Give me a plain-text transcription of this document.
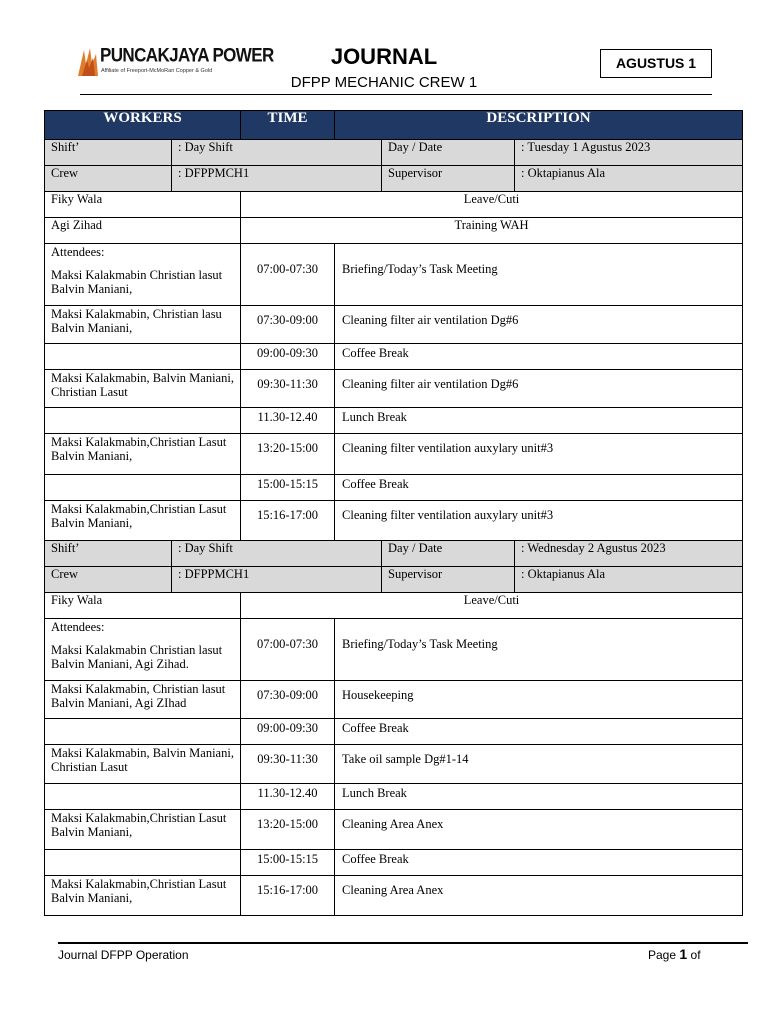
PUNCAKJAYA POWER
Affiliate of Freeport-McMoRan Copper & Gold
JOURNAL
DFPP MECHANIC CREW 1
AGUSTUS 1
WORKERS		TIME	DESCRIPTION		
Shift’	: Day Shift			Day / Date	: Tuesday 1 Agustus 2023
Crew	: DFPPMCH1			Supervisor	: Oktapianus Ala
Fiky Wala		Leave/Cuti			
Agi Zihad		Training WAH			
Attendees:
Maksi Kalakmabin Christian lasut Balvin Maniani,		07:00-07:30	Briefing/Today’s Task Meeting		
Maksi Kalakmabin, Christian lasu Balvin Maniani,		07:30-09:00	Cleaning filter air ventilation Dg#6		
		09:00-09:30	Coffee Break		
Maksi Kalakmabin, Balvin Maniani, Christian Lasut		09:30-11:30	Cleaning filter air ventilation Dg#6		
		11.30-12.40	Lunch Break		
Maksi Kalakmabin,Christian Lasut Balvin Maniani,		13:20-15:00	Cleaning filter ventilation auxylary unit#3		
		15:00-15:15	Coffee Break		
Maksi Kalakmabin,Christian Lasut Balvin Maniani,		15:16-17:00	Cleaning filter ventilation auxylary unit#3		
Shift’	: Day Shift			Day / Date	: Wednesday 2 Agustus 2023
Crew	: DFPPMCH1			Supervisor	: Oktapianus Ala
Fiky Wala		Leave/Cuti			
Attendees:
Maksi Kalakmabin Christian lasut Balvin Maniani, Agi Zihad.		07:00-07:30	Briefing/Today’s Task Meeting		
Maksi Kalakmabin, Christian lasut Balvin Maniani, Agi ZIhad		07:30-09:00	Housekeeping		
		09:00-09:30	Coffee Break		
Maksi Kalakmabin, Balvin Maniani, Christian Lasut		09:30-11:30	Take oil sample Dg#1-14		
		11.30-12.40	Lunch Break		
Maksi Kalakmabin,Christian Lasut Balvin Maniani,		13:20-15:00	Cleaning Area Anex		
		15:00-15:15	Coffee Break		
Maksi Kalakmabin,Christian Lasut Balvin Maniani,		15:16-17:00	Cleaning Area Anex		
Journal DFPP Operation	Page 1 of
